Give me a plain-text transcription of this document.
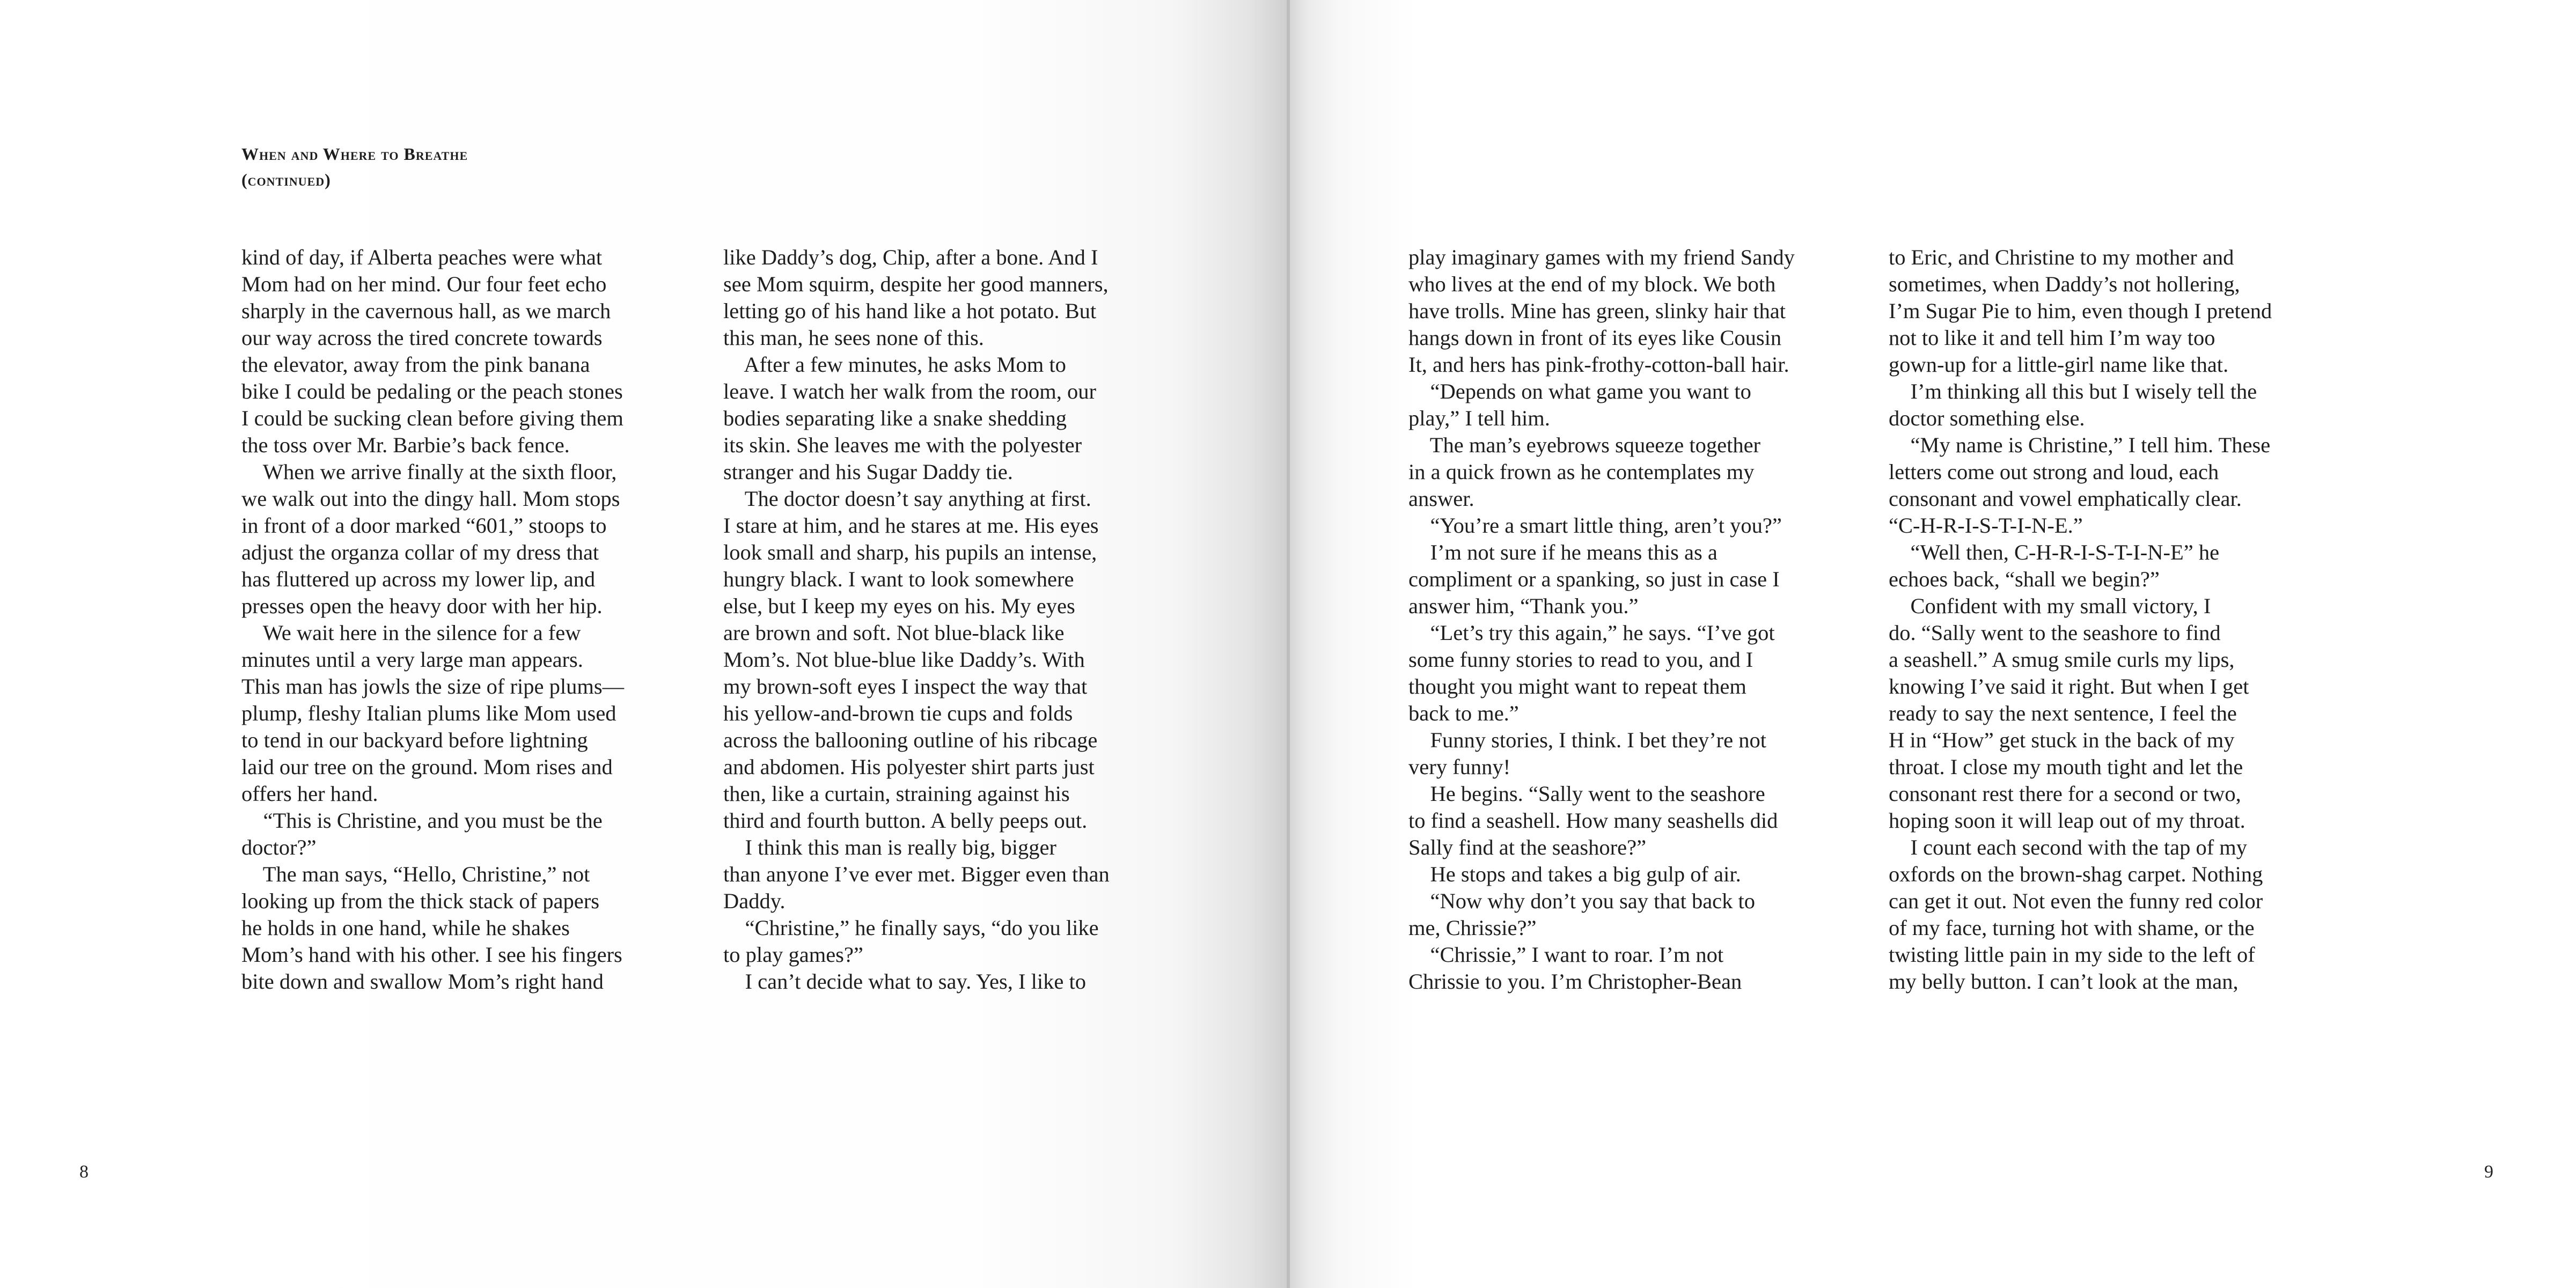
When and Where to Breathe
(continued)
kind of day, if Alberta peaches were what
Mom had on her mind. Our four feet echo
sharply in the cavernous hall, as we march
our way across the tired concrete towards
the elevator, away from the pink banana
bike I could be pedaling or the peach stones
I could be sucking clean before giving them
the toss over Mr. Barbie’s back fence.
When we arrive finally at the sixth floor,
we walk out into the dingy hall. Mom stops
in front of a door marked “601,” stoops to
adjust the organza collar of my dress that
has fluttered up across my lower lip, and
presses open the heavy door with her hip.
We wait here in the silence for a few
minutes until a very large man appears.
This man has jowls the size of ripe plums—
plump, fleshy Italian plums like Mom used
to tend in our backyard before lightning
laid our tree on the ground. Mom rises and
offers her hand.
“This is Christine, and you must be the
doctor?”
The man says, “Hello, Christine,” not
looking up from the thick stack of papers
he holds in one hand, while he shakes
Mom’s hand with his other. I see his fingers
bite down and swallow Mom’s right hand
like Daddy’s dog, Chip, after a bone. And I
see Mom squirm, despite her good manners,
letting go of his hand like a hot potato. But
this man, he sees none of this.
After a few minutes, he asks Mom to
leave. I watch her walk from the room, our
bodies separating like a snake shedding
its skin. She leaves me with the polyester
stranger and his Sugar Daddy tie.
The doctor doesn’t say anything at first.
I stare at him, and he stares at me. His eyes
look small and sharp, his pupils an intense,
hungry black. I want to look somewhere
else, but I keep my eyes on his. My eyes
are brown and soft. Not blue-black like
Mom’s. Not blue-blue like Daddy’s. With
my brown-soft eyes I inspect the way that
his yellow-and-brown tie cups and folds
across the ballooning outline of his ribcage
and abdomen. His polyester shirt parts just
then, like a curtain, straining against his
third and fourth button. A belly peeps out.
I think this man is really big, bigger
than anyone I’ve ever met. Bigger even than
Daddy.
“Christine,” he finally says, “do you like
to play games?”
I can’t decide what to say. Yes, I like to
8
play imaginary games with my friend Sandy
who lives at the end of my block. We both
have trolls. Mine has green, slinky hair that
hangs down in front of its eyes like Cousin
It, and hers has pink-frothy-cotton-ball hair.
“Depends on what game you want to
play,” I tell him.
The man’s eyebrows squeeze together
in a quick frown as he contemplates my
answer.
“You’re a smart little thing, aren’t you?”
I’m not sure if he means this as a
compliment or a spanking, so just in case I
answer him, “Thank you.”
“Let’s try this again,” he says. “I’ve got
some funny stories to read to you, and I
thought you might want to repeat them
back to me.”
Funny stories, I think. I bet they’re not
very funny!
He begins. “Sally went to the seashore
to find a seashell. How many seashells did
Sally find at the seashore?”
He stops and takes a big gulp of air.
“Now why don’t you say that back to
me, Chrissie?”
“Chrissie,” I want to roar. I’m not
Chrissie to you. I’m Christopher-Bean
to Eric, and Christine to my mother and
sometimes, when Daddy’s not hollering,
I’m Sugar Pie to him, even though I pretend
not to like it and tell him I’m way too
gown-up for a little-girl name like that.
I’m thinking all this but I wisely tell the
doctor something else.
“My name is Christine,” I tell him. These
letters come out strong and loud, each
consonant and vowel emphatically clear.
“C-H-R-I-S-T-I-N-E.”
“Well then, C-H-R-I-S-T-I-N-E” he
echoes back, “shall we begin?”
Confident with my small victory, I
do. “Sally went to the seashore to find
a seashell.” A smug smile curls my lips,
knowing I’ve said it right. But when I get
ready to say the next sentence, I feel the
H in “How” get stuck in the back of my
throat. I close my mouth tight and let the
consonant rest there for a second or two,
hoping soon it will leap out of my throat.
I count each second with the tap of my
oxfords on the brown-shag carpet. Nothing
can get it out. Not even the funny red color
of my face, turning hot with shame, or the
twisting little pain in my side to the left of
my belly button. I can’t look at the man,
9
